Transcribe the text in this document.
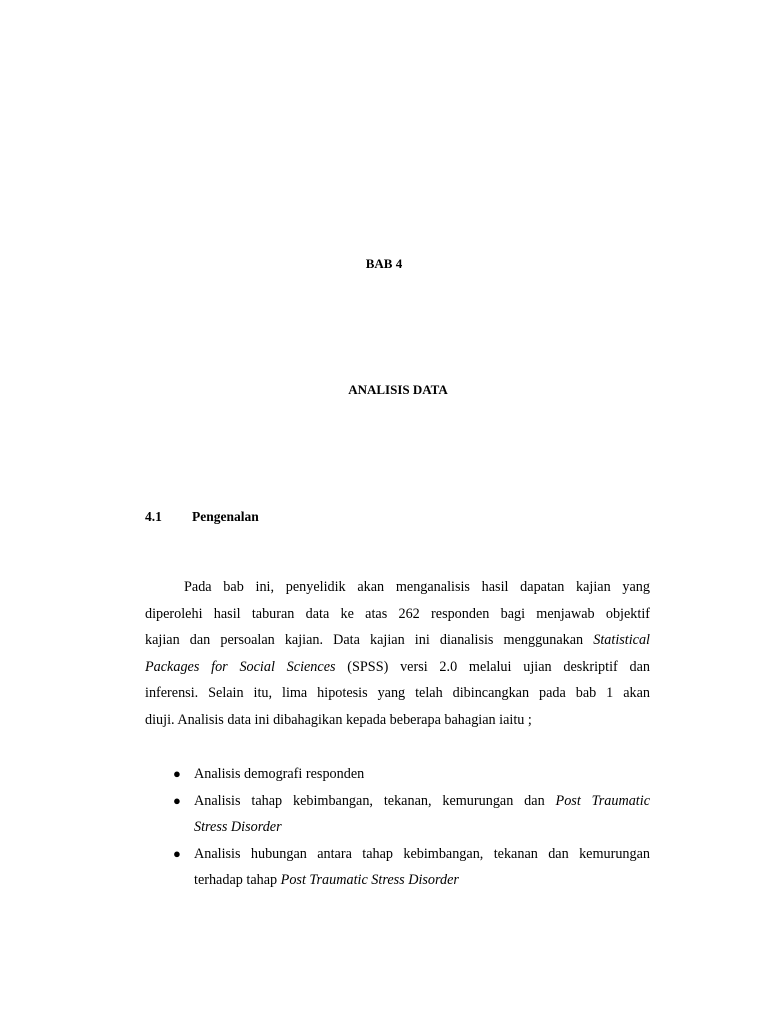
BAB 4

ANALISIS DATA

4.1 Pengenalan

Pada bab ini, penyelidik akan menganalisis hasil dapatan kajian yang
diperolehi hasil taburan data ke atas 262 responden bagi menjawab objektif
kajian dan persoalan kajian. Data kajian ini dianalisis menggunakan Statistical
Packages for Social Sciences (SPSS) versi 2.0 melalui ujian deskriptif dan
inferensi. Selain itu, lima hipotesis yang telah dibincangkan pada bab 1 akan
diuji. Analisis data ini dibahagikan kepada beberapa bahagian iaitu ;
● Analisis demografi responden
● Analisis tahap kebimbangan, tekanan, kemurungan dan Post Traumatic
Stress Disorder
● Analisis hubungan antara tahap kebimbangan, tekanan dan kemurungan
terhadap tahap Post Traumatic Stress Disorder
